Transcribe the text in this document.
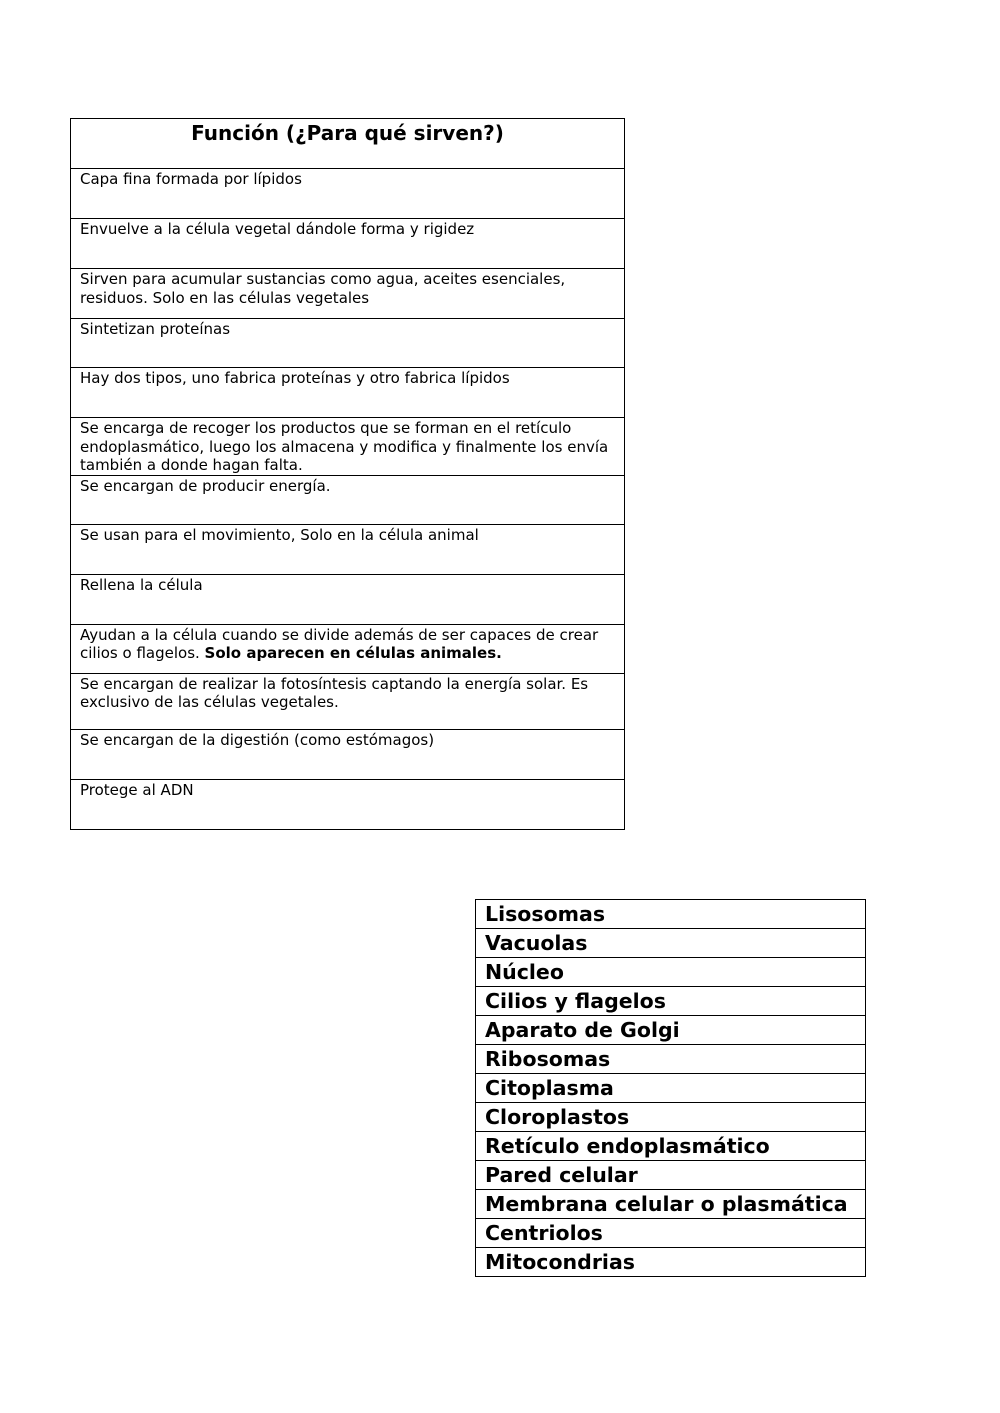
Función (¿Para qué sirven?)
Capa fina formada por lípidos
Envuelve a la célula vegetal dándole forma y rigidez
Sirven para acumular sustancias como agua, aceites esenciales, residuos. Solo en las células vegetales
Sintetizan proteínas
Hay dos tipos, uno fabrica proteínas y otro fabrica lípidos
Se encarga de recoger los productos que se forman en el retículo endoplasmático, luego los almacena y modifica y finalmente los envía también a donde hagan falta.
Se encargan de producir energía.
Se usan para el movimiento, Solo en la célula animal
Rellena la célula
Ayudan a la célula cuando se divide además de ser capaces de crear cilios o flagelos. Solo aparecen en células animales.
Se encargan de realizar la fotosíntesis captando la energía solar. Es exclusivo de las células vegetales.
Se encargan de la digestión (como estómagos)
Protege al ADN
Lisosomas
Vacuolas
Núcleo
Cilios y flagelos
Aparato de Golgi
Ribosomas
Citoplasma
Cloroplastos
Retículo endoplasmático
Pared celular
Membrana celular o plasmática
Centriolos
Mitocondrias
